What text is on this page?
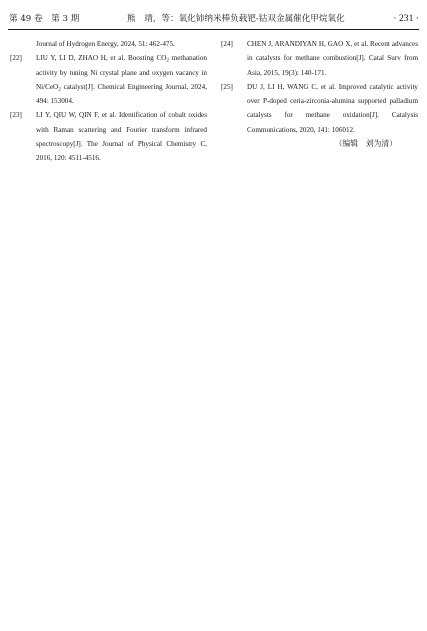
第 49 卷　第 3 期	熊　靖，等：氧化铈纳米棒负载钯-钴双金属催化甲烷氧化	· 231 ·
Journal of Hydrogen Energy, 2024, 51: 462-475.
[22] LIU Y, LI D, ZHAO H, et al. Boosting $CO_2$ methanation activity by tuning Ni crystal plane and oxygen vacancy in Ni/CeO$_2$ catalyst[J]. Chemical Engineering Journal, 2024, 494: 153004.
[23] LI Y, QIU W, QIN F, et al. Identification of cobalt oxides with Raman scattering and Fourier transform infrared spectroscopy[J]. The Journal of Physical Chemistry C, 2016, 120: 4511-4516.
[24] CHEN J, ARANDIYAN H, GAO X, et al. Recent advances in catalysts for methane combustion[J]. Catal Surv from Asia, 2015, 19(3): 140-171.
[25] DU J, LI H, WANG C, et al. Improved catalytic activity over P-doped ceria-zirconia-alumina supported palladium catalysts for methane oxidation[J]. Catalysis Communications, 2020, 141: 106012.
（编辑　刘为清）
